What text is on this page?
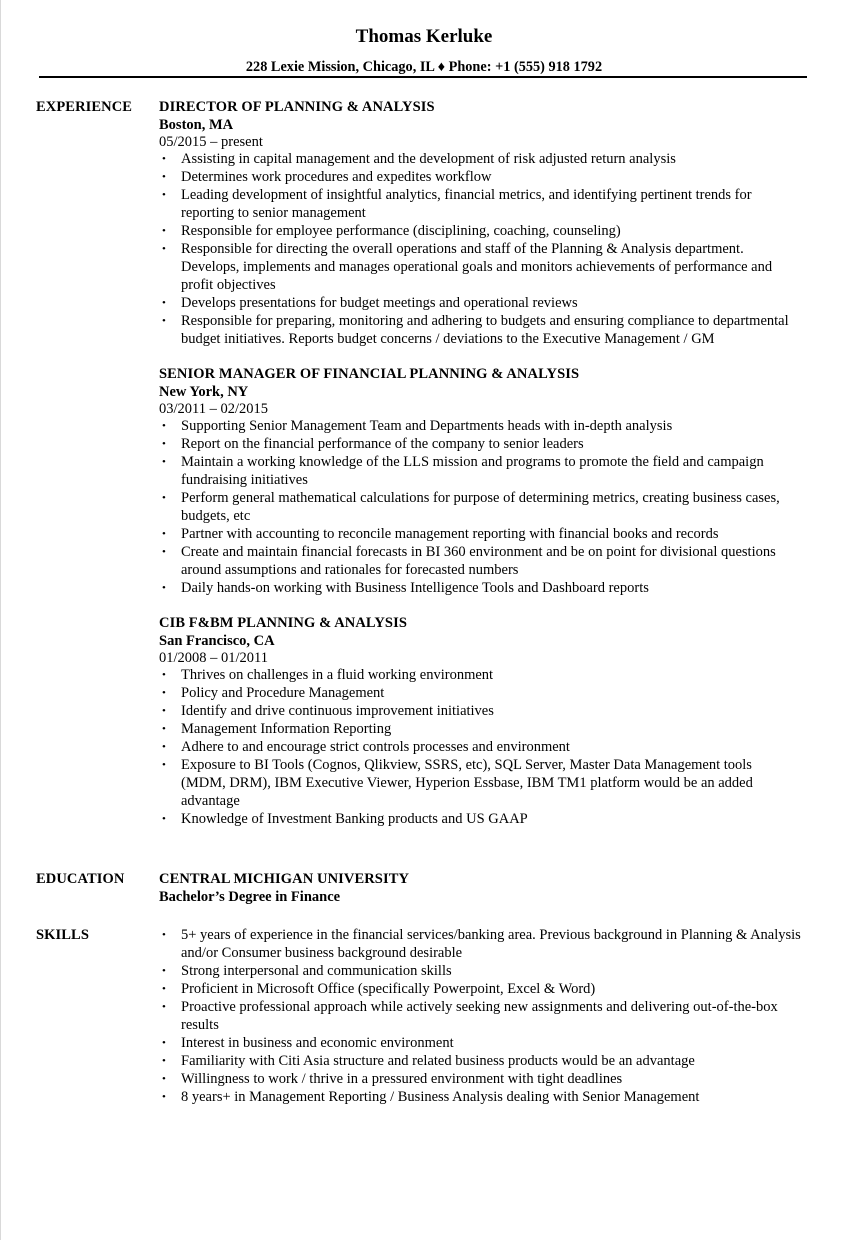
Thomas Kerluke
228 Lexie Mission, Chicago, IL ♦ Phone: +1 (555) 918 1792
EXPERIENCE DIRECTOR OF PLANNING & ANALYSIS
Boston, MA
05/2015 – present
• Assisting in capital management and the development of risk adjusted return analysis
• Determines work procedures and expedites workflow
• Leading development of insightful analytics, financial metrics, and identifying pertinent trends for
reporting to senior management
• Responsible for employee performance (disciplining, coaching, counseling)
• Responsible for directing the overall operations and staff of the Planning & Analysis department.
Develops, implements and manages operational goals and monitors achievements of performance and
profit objectives
• Develops presentations for budget meetings and operational reviews
• Responsible for preparing, monitoring and adhering to budgets and ensuring compliance to departmental
budget initiatives. Reports budget concerns / deviations to the Executive Management / GM
SENIOR MANAGER OF FINANCIAL PLANNING & ANALYSIS
New York, NY
03/2011 – 02/2015
• Supporting Senior Management Team and Departments heads with in-depth analysis
• Report on the financial performance of the company to senior leaders
• Maintain a working knowledge of the LLS mission and programs to promote the field and campaign
fundraising initiatives
• Perform general mathematical calculations for purpose of determining metrics, creating business cases,
budgets, etc
• Partner with accounting to reconcile management reporting with financial books and records
• Create and maintain financial forecasts in BI 360 environment and be on point for divisional questions
around assumptions and rationales for forecasted numbers
• Daily hands-on working with Business Intelligence Tools and Dashboard reports
CIB F&BM PLANNING & ANALYSIS
San Francisco, CA
01/2008 – 01/2011
• Thrives on challenges in a fluid working environment
• Policy and Procedure Management
• Identify and drive continuous improvement initiatives
• Management Information Reporting
• Adhere to and encourage strict controls processes and environment
• Exposure to BI Tools (Cognos, Qlikview, SSRS, etc), SQL Server, Master Data Management tools
(MDM, DRM), IBM Executive Viewer, Hyperion Essbase, IBM TM1 platform would be an added
advantage
• Knowledge of Investment Banking products and US GAAP
EDUCATION CENTRAL MICHIGAN UNIVERSITY
Bachelor’s Degree in Finance
SKILLS	• 5+ years of experience in the financial services/banking area. Previous background in Planning & Analysis
and/or Consumer business background desirable
• Strong interpersonal and communication skills
• Proficient in Microsoft Office (specifically Powerpoint, Excel & Word)
• Proactive professional approach while actively seeking new assignments and delivering out-of-the-box
results
• Interest in business and economic environment
• Familiarity with Citi Asia structure and related business products would be an advantage
• Willingness to work / thrive in a pressured environment with tight deadlines
• 8 years+ in Management Reporting / Business Analysis dealing with Senior Management
